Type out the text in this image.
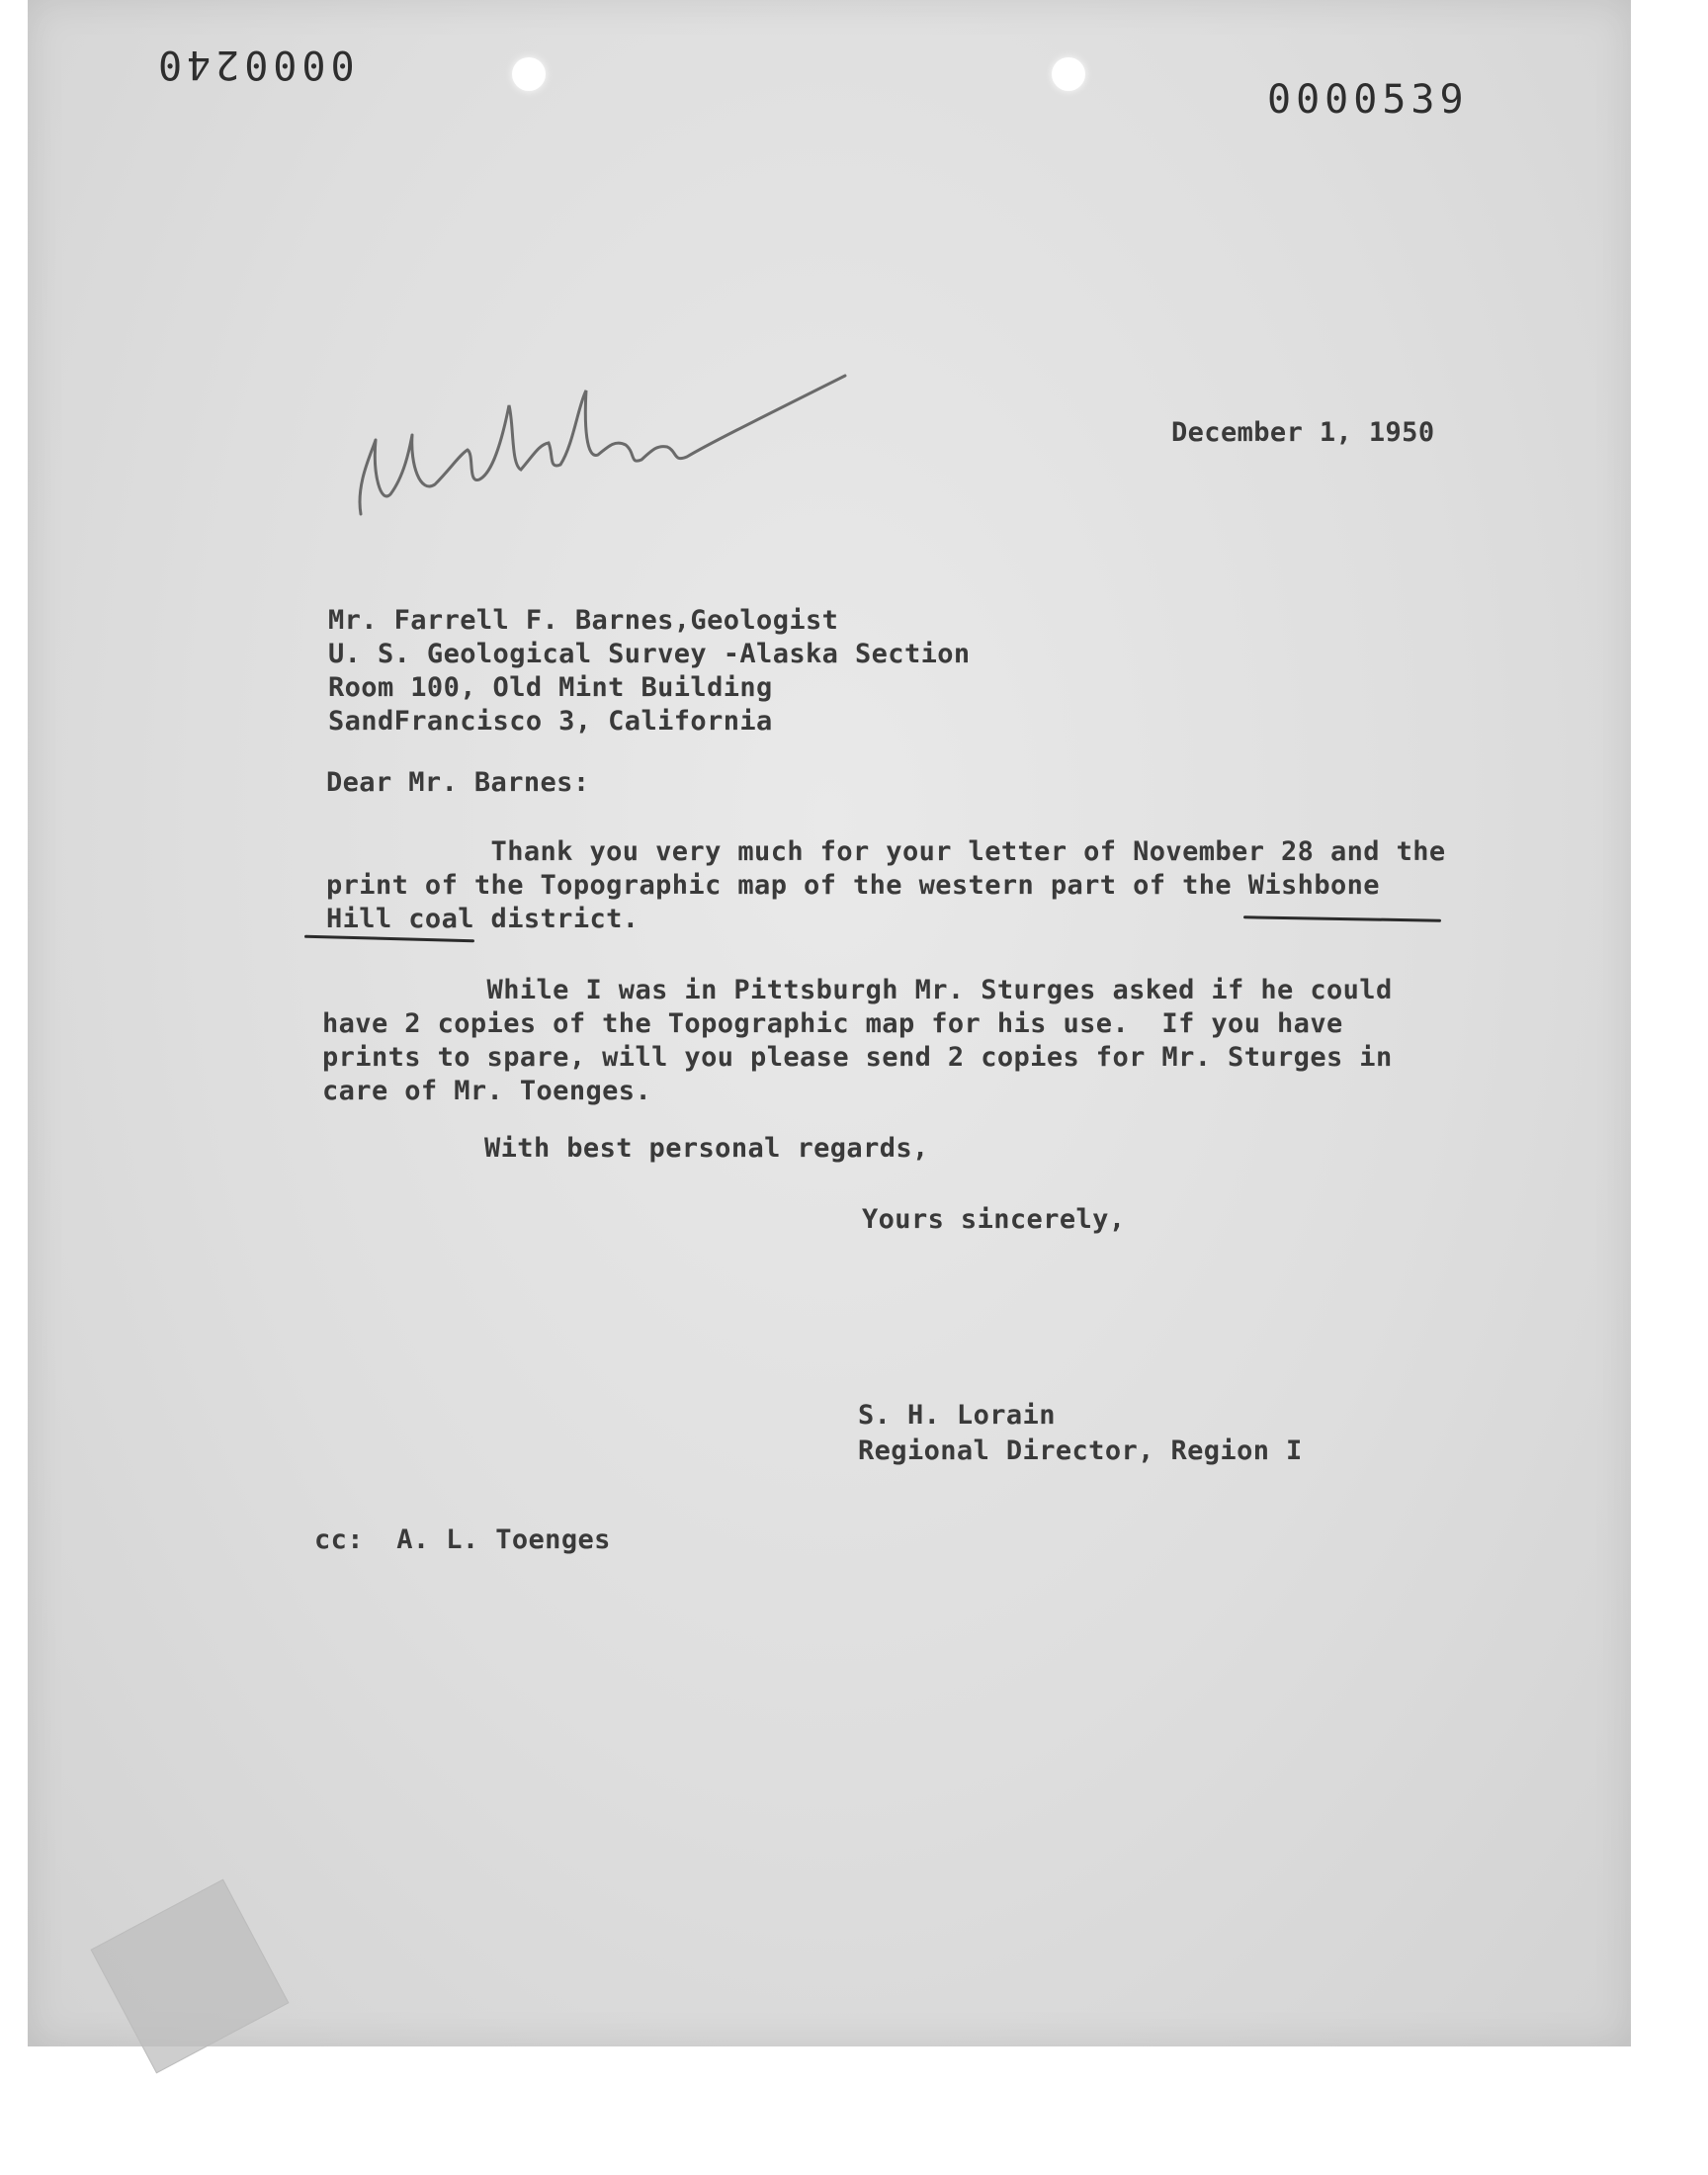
0000240
0000539
December 1, 1950
Mr. Farrell F. Barnes,Geologist
U. S. Geological Survey -Alaska Section
Room 100, Old Mint Building
SandFrancisco 3, California
Dear Mr. Barnes:
Thank you very much for your letter of November 28 and the
print of the Topographic map of the western part of the Wishbone
Hill coal district.
While I was in Pittsburgh Mr. Sturges asked if he could
have 2 copies of the Topographic map for his use.  If you have
prints to spare, will you please send 2 copies for Mr. Sturges in
care of Mr. Toenges.
With best personal regards,
Yours sincerely,
S. H. Lorain
Regional Director, Region I
cc:  A. L. Toenges
